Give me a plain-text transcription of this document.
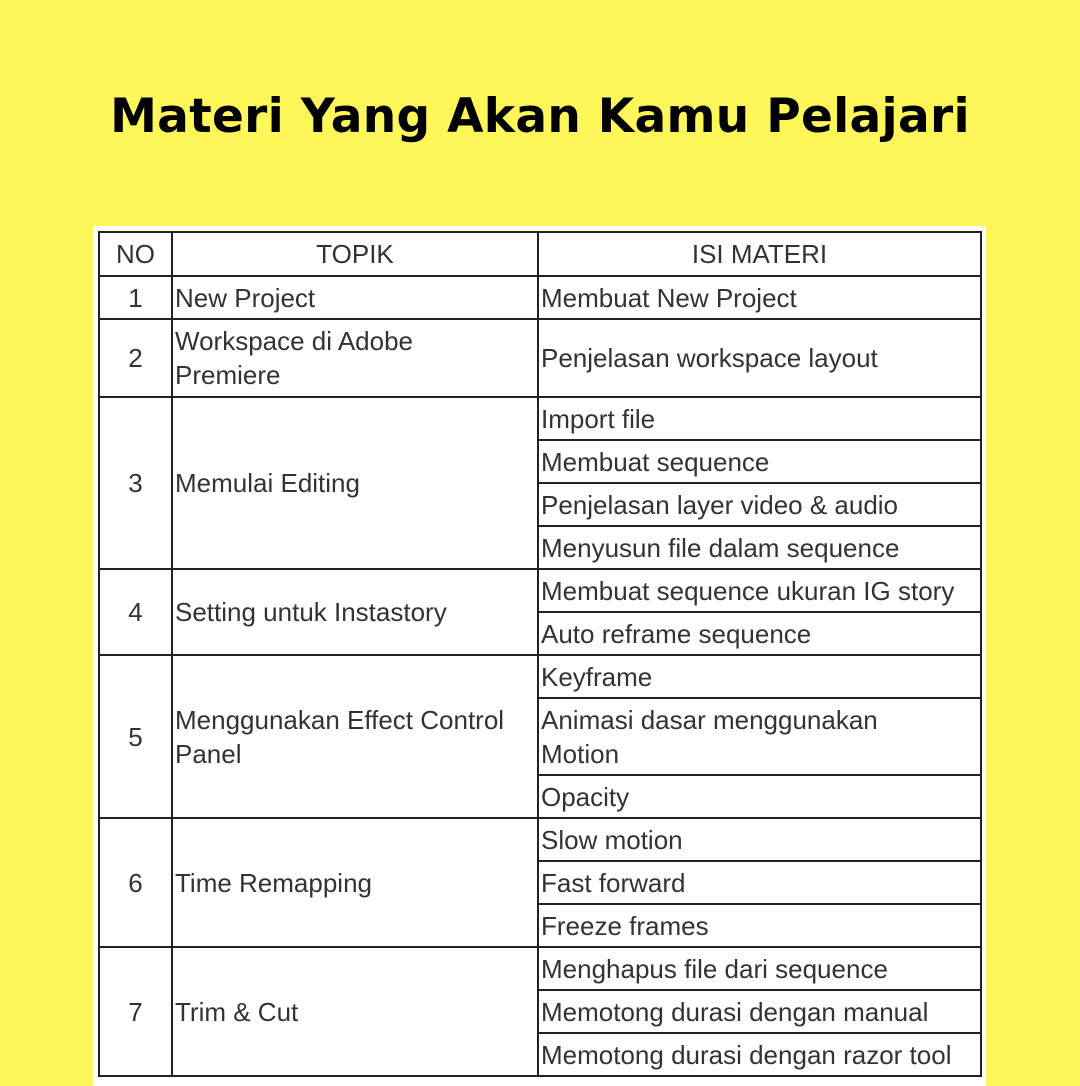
Materi Yang Akan Kamu Pelajari
NO	TOPIK	ISI MATERI
1	New Project	Membuat New Project
2	Workspace di Adobe Premiere	Penjelasan workspace layout
3	Memulai Editing	Import file
		Membuat sequence
		Penjelasan layer video & audio
		Menyusun file dalam sequence
4	Setting untuk Instastory	Membuat sequence ukuran IG story
		Auto reframe sequence
5	Menggunakan Effect Control Panel	Keyframe
		Animasi dasar menggunakan Motion
		Opacity
6	Time Remapping	Slow motion
		Fast forward
		Freeze frames
7	Trim & Cut	Menghapus file dari sequence
		Memotong durasi dengan manual
		Memotong durasi dengan razor tool
